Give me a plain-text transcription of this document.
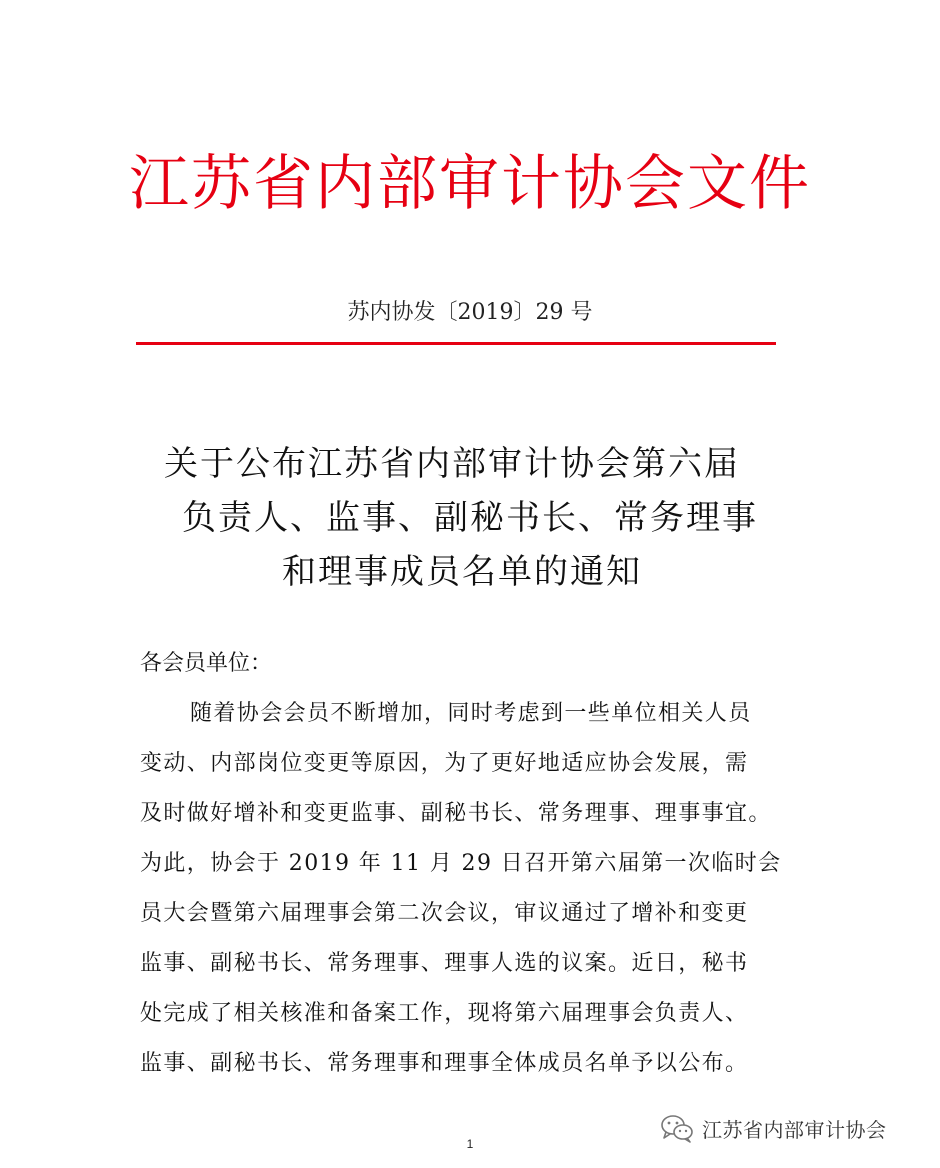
江苏省内部审计协会文件
苏内协发〔2019〕29 号
关于公布江苏省内部审计协会第六届
负责人、监事、副秘书长、常务理事
和理事成员名单的通知
各会员单位：
随着协会会员不断增加，同时考虑到一些单位相关人员
变动、内部岗位变更等原因，为了更好地适应协会发展，需
及时做好增补和变更监事、副秘书长、常务理事、理事事宜。
为此，协会于 2019 年 11 月 29 日召开第六届第一次临时会
员大会暨第六届理事会第二次会议，审议通过了增补和变更
监事、副秘书长、常务理事、理事人选的议案。近日，秘书
处完成了相关核准和备案工作，现将第六届理事会负责人、
监事、副秘书长、常务理事和理事全体成员名单予以公布。
1
江苏省内部审计协会
